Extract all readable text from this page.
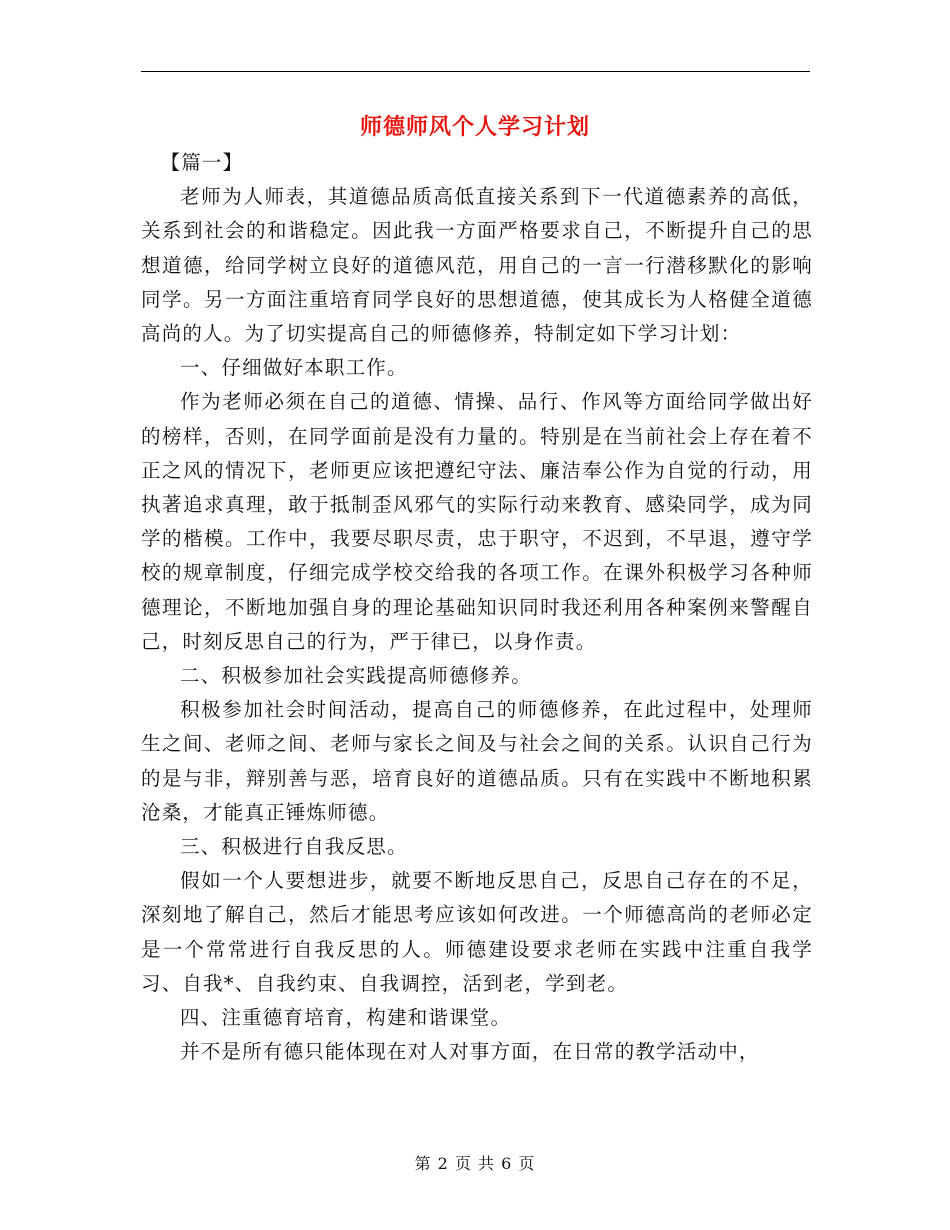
师德师风个人学习计划

【篇一】

老师为人师表，其道德品质高低直接关系到下一代道德素养的高低，关系到社会的和谐稳定。因此我一方面严格要求自己，不断提升自己的思想道德，给同学树立良好的道德风范，用自己的一言一行潜移默化的影响同学。另一方面注重培育同学良好的思想道德，使其成长为人格健全道德高尚的人。为了切实提高自己的师德修养，特制定如下学习计划：

一、仔细做好本职工作。

作为老师必须在自己的道德、情操、品行、作风等方面给同学做出好的榜样，否则，在同学面前是没有力量的。特别是在当前社会上存在着不正之风的情况下，老师更应该把遵纪守法、廉洁奉公作为自觉的行动，用执著追求真理，敢于抵制歪风邪气的实际行动来教育、感染同学，成为同学的楷模。工作中，我要尽职尽责，忠于职守，不迟到，不早退，遵守学校的规章制度，仔细完成学校交给我的各项工作。在课外积极学习各种师德理论，不断地加强自身的理论基础知识同时我还利用各种案例来警醒自己，时刻反思自己的行为，严于律已，以身作责。

二、积极参加社会实践提高师德修养。

积极参加社会时间活动，提高自己的师德修养，在此过程中，处理师生之间、老师之间、老师与家长之间及与社会之间的关系。认识自己行为的是与非，辩别善与恶，培育良好的道德品质。只有在实践中不断地积累沧桑，才能真正锤炼师德。

三、积极进行自我反思。

假如一个人要想进步，就要不断地反思自己，反思自己存在的不足，深刻地了解自己，然后才能思考应该如何改进。一个师德高尚的老师必定是一个常常进行自我反思的人。师德建设要求老师在实践中注重自我学习、自我*、自我约束、自我调控，活到老，学到老。

四、注重德育培育，构建和谐课堂。

并不是所有德只能体现在对人对事方面，在日常的教学活动中，

第 2 页 共 6 页
